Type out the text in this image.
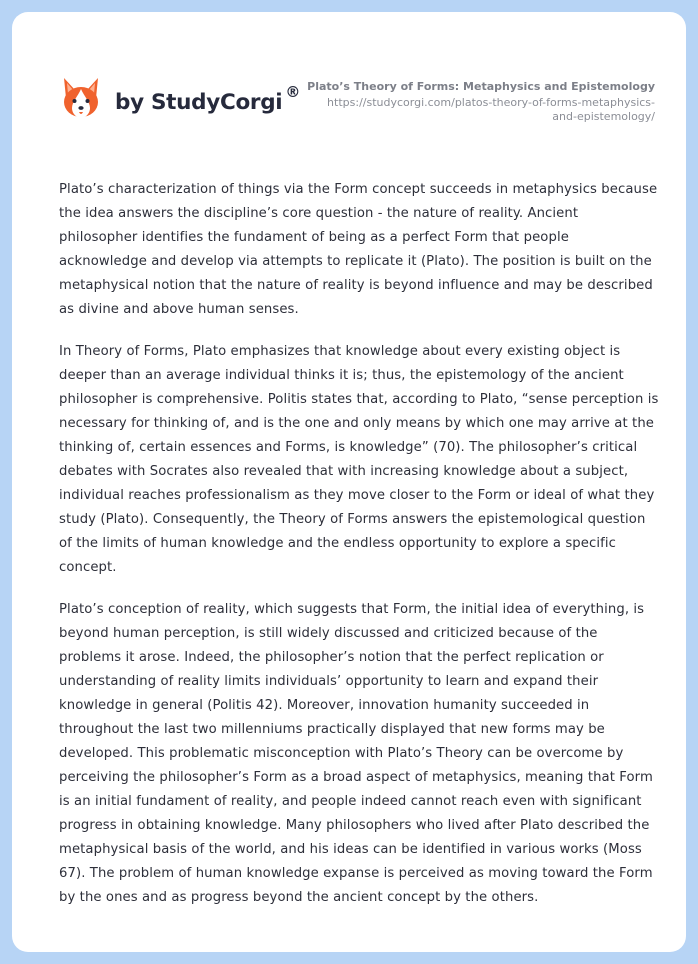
by StudyCorgi ® Plato’s Theory of Forms: Metaphysics and Epistemology
https://studycorgi.com/platos-theory-of-forms-metaphysics-
and-epistemology/

Plato’s characterization of things via the Form concept succeeds in metaphysics because the idea answers the discipline’s core question - the nature of reality. Ancient philosopher identifies the fundament of being as a perfect Form that people acknowledge and develop via attempts to replicate it (Plato). The position is built on the metaphysical notion that the nature of reality is beyond influence and may be described as divine and above human senses.

In Theory of Forms, Plato emphasizes that knowledge about every existing object is deeper than an average individual thinks it is; thus, the epistemology of the ancient philosopher is comprehensive. Politis states that, according to Plato, “sense perception is necessary for thinking of, and is the one and only means by which one may arrive at the thinking of, certain essences and Forms, is knowledge” (70). The philosopher’s critical debates with Socrates also revealed that with increasing knowledge about a subject, individual reaches professionalism as they move closer to the Form or ideal of what they study (Plato). Consequently, the Theory of Forms answers the epistemological question of the limits of human knowledge and the endless opportunity to explore a specific concept.

Plato’s conception of reality, which suggests that Form, the initial idea of everything, is beyond human perception, is still widely discussed and criticized because of the problems it arose. Indeed, the philosopher’s notion that the perfect replication or understanding of reality limits individuals’ opportunity to learn and expand their knowledge in general (Politis 42). Moreover, innovation humanity succeeded in throughout the last two millenniums practically displayed that new forms may be developed. This problematic misconception with Plato’s Theory can be overcome by perceiving the philosopher’s Form as a broad aspect of metaphysics, meaning that Form is an initial fundament of reality, and people indeed cannot reach even with significant progress in obtaining knowledge. Many philosophers who lived after Plato described the metaphysical basis of the world, and his ideas can be identified in various works (Moss 67). The problem of human knowledge expanse is perceived as moving toward the Form by the ones and as progress beyond the ancient concept by the others.
